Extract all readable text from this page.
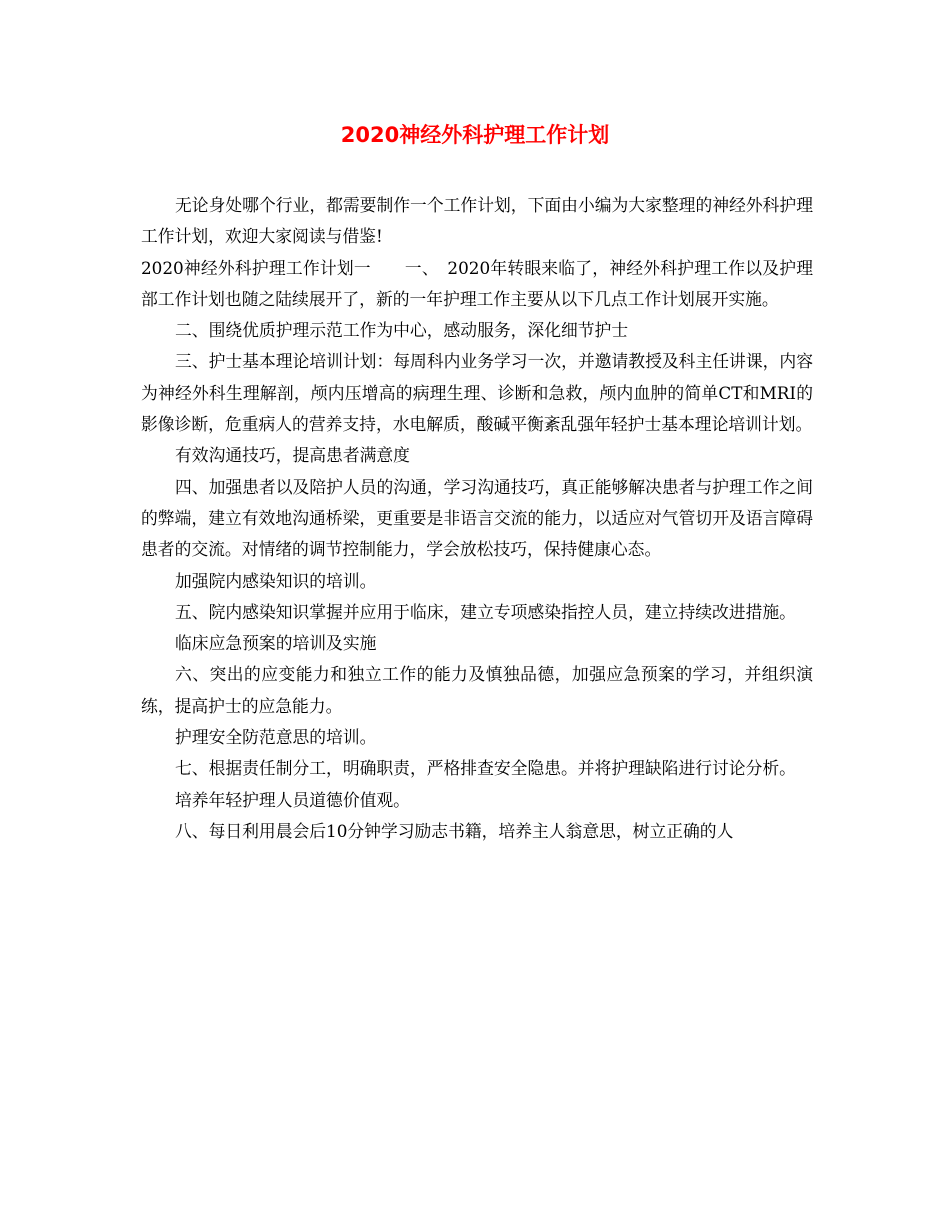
2020神经外科护理工作计划

无论身处哪个行业，都需要制作一个工作计划，下面由小编为大家整理的神经外科护理工作计划，欢迎大家阅读与借鉴!

2020神经外科护理工作计划一　　一、　2020年转眼来临了，神经外科护理工作以及护理部工作计划也随之陆续展开了，新的一年护理工作主要从以下几点工作计划展开实施。

二、围绕优质护理示范工作为中心，感动服务，深化细节护士

三、护士基本理论培训计划：每周科内业务学习一次，并邀请教授及科主任讲课，内容为神经外科生理解剖，颅内压增高的病理生理、诊断和急救，颅内血肿的简单CT和MRI的影像诊断，危重病人的营养支持，水电解质，酸碱平衡紊乱强年轻护士基本理论培训计划。

有效沟通技巧，提高患者满意度

四、加强患者以及陪护人员的沟通，学习沟通技巧，真正能够解决患者与护理工作之间的弊端，建立有效地沟通桥梁，更重要是非语言交流的能力，以适应对气管切开及语言障碍患者的交流。对情绪的调节控制能力，学会放松技巧，保持健康心态。

加强院内感染知识的培训。

五、院内感染知识掌握并应用于临床，建立专项感染指控人员，建立持续改进措施。

临床应急预案的培训及实施

六、突出的应变能力和独立工作的能力及慎独品德，加强应急预案的学习，并组织演练，提高护士的应急能力。

护理安全防范意思的培训。

七、根据责任制分工，明确职责，严格排查安全隐患。并将护理缺陷进行讨论分析。

培养年轻护理人员道德价值观。

八、每日利用晨会后10分钟学习励志书籍，培养主人翁意思，树立正确的人
